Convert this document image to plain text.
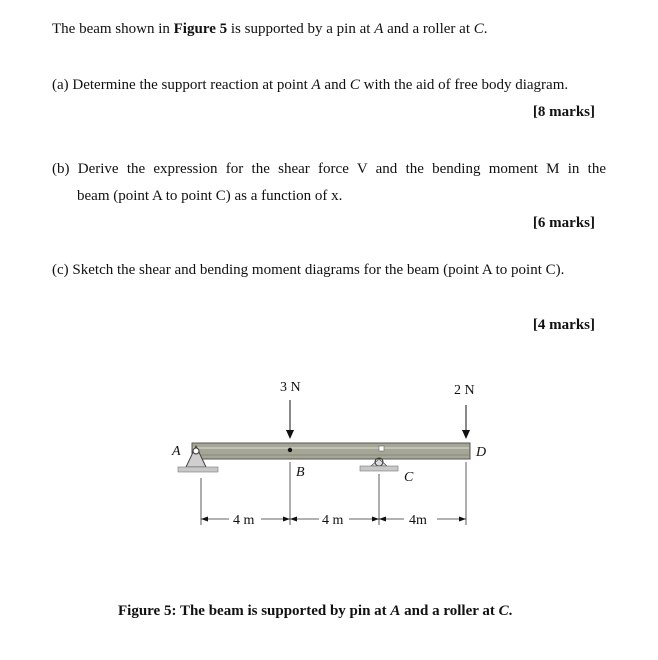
The beam shown in Figure 5 is supported by a pin at A and a roller at C.

(a) Determine the support reaction at point A and C with the aid of free body diagram.

[8 marks]

(b) Derive the expression for the shear force V and the bending moment M in the

beam (point A to point C) as a function of x.

[6 marks]

(c) Sketch the shear and bending moment diagrams for the beam (point A to point C).

[4 marks]

3 N	2 N
A
B	C
D
4 m	4 m	4m

Figure 5: The beam is supported by pin at A and a roller at C.
